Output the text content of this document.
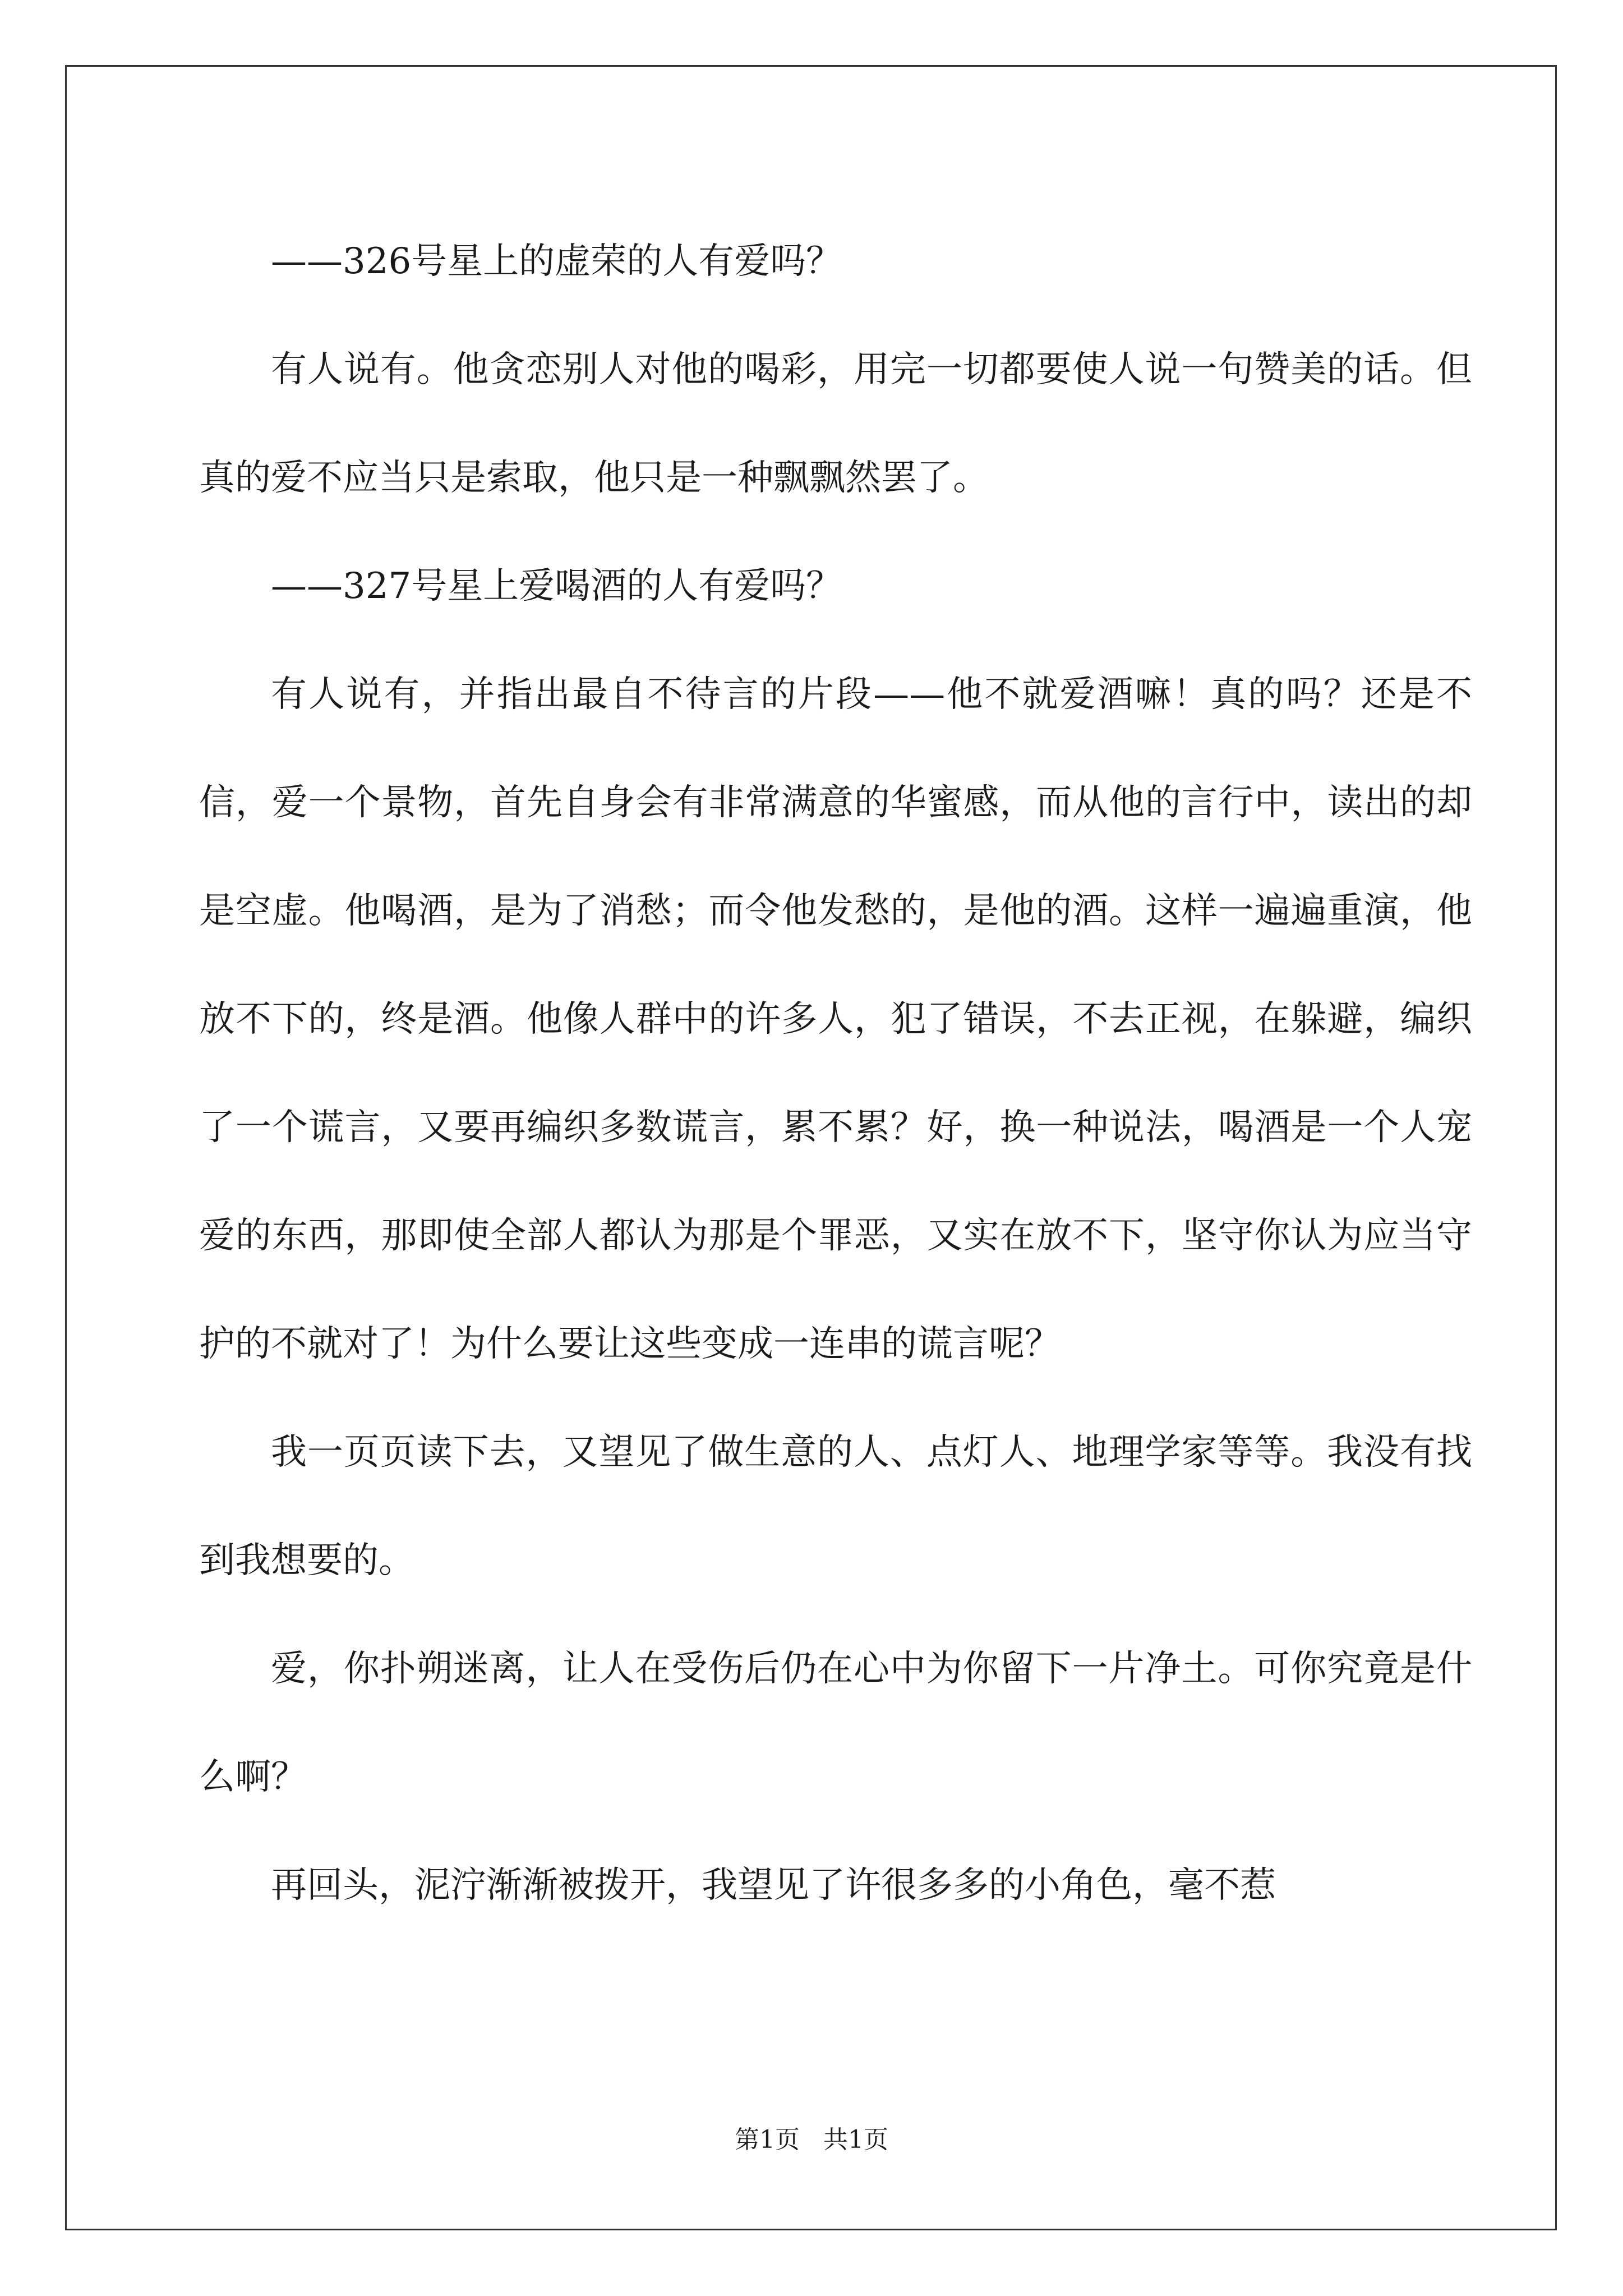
——326号星上的虚荣的人有爱吗？

有人说有。他贪恋别人对他的喝彩，用完一切都要使人说一句赞美的话。但真的爱不应当只是索取，他只是一种飘飘然罢了。

——327号星上爱喝酒的人有爱吗？

有人说有，并指出最自不待言的片段——他不就爱酒嘛！真的吗？还是不信，爱一个景物，首先自身会有非常满意的华蜜感，而从他的言行中，读出的却是空虚。他喝酒，是为了消愁；而令他发愁的，是他的酒。这样一遍遍重演，他放不下的，终是酒。他像人群中的许多人，犯了错误，不去正视，在躲避，编织了一个谎言，又要再编织多数谎言，累不累？好，换一种说法，喝酒是一个人宠爱的东西，那即使全部人都认为那是个罪恶，又实在放不下，坚守你认为应当守护的不就对了！为什么要让这些变成一连串的谎言呢？

我一页页读下去，又望见了做生意的人、点灯人、地理学家等等。我没有找到我想要的。

爱，你扑朔迷离，让人在受伤后仍在心中为你留下一片净土。可你究竟是什么啊？

再回头，泥泞渐渐被拨开，我望见了许很多多的小角色，毫不惹

第1页   共1页
